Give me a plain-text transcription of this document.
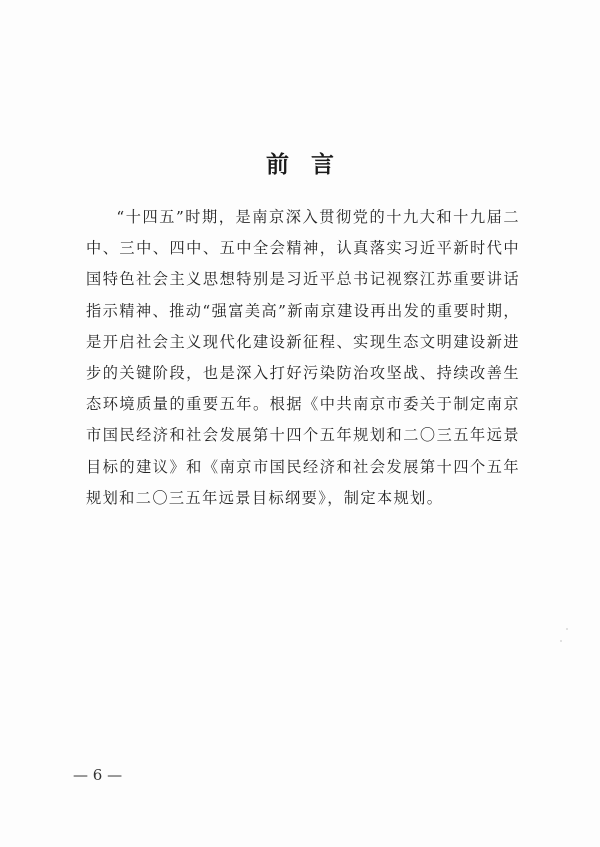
前 言

“十四五”时期，是南京深入贯彻党的十九大和十九届二中、三中、四中、五中全会精神，认真落实习近平新时代中国特色社会主义思想特别是习近平总书记视察江苏重要讲话指示精神、推动“强富美高”新南京建设再出发的重要时期，是开启社会主义现代化建设新征程、实现生态文明建设新进步的关键阶段，也是深入打好污染防治攻坚战、持续改善生态环境质量的重要五年。根据《中共南京市委关于制定南京市国民经济和社会发展第十四个五年规划和二〇三五年远景目标的建议》和《南京市国民经济和社会发展第十四个五年规划和二〇三五年远景目标纲要》，制定本规划。

— 6 —
